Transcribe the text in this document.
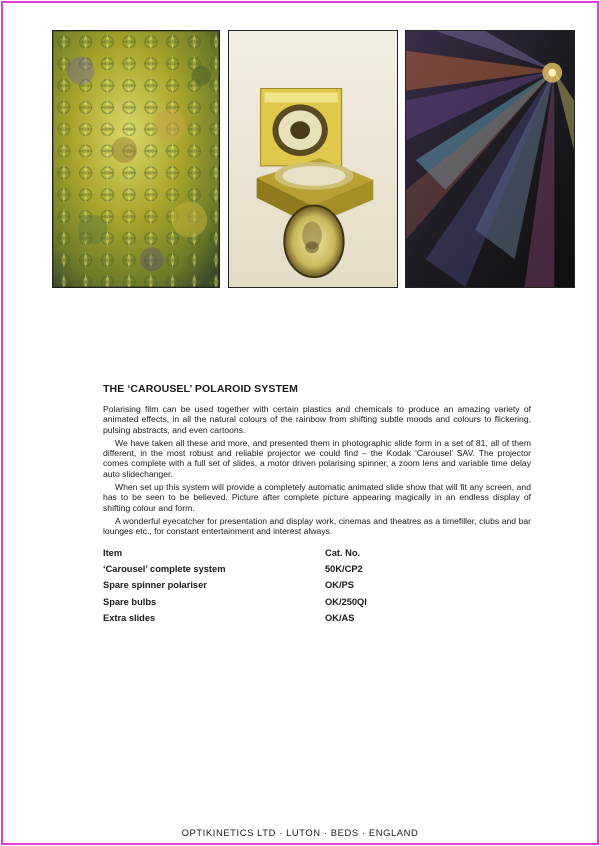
THE ‘CAROUSEL’ POLAROID SYSTEM

Polarising film can be used together with certain plastics and chemicals to produce an amazing variety of animated effects, in all the natural colours of the rainbow from shifting subtle moods and colours to flickering, pulsing abstracts, and even cartoons.

We have taken all these and more, and presented them in photographic slide form in a set of 81, all of them different, in the most robust and reliable projector we could find – the Kodak ‘Carousel’ SAV. The projector comes complete with a full set of slides, a motor driven polarising spinner, a zoom lens and variable time delay auto slidechanger.

When set up this system will provide a completely automatic animated slide show that will fit any screen, and has to be seen to be believed. Picture after complete picture appearing magically in an endless display of shifting colour and form.

A wonderful eyecatcher for presentation and display work, cinemas and theatres as a timefiller, clubs and bar lounges etc., for constant entertainment and interest always.

Item	Cat. No.
‘Carousel’ complete system	50K/CP2
Spare spinner polariser	OK/PS
Spare bulbs	OK/250QI
Extra slides	OK/AS
OPTIKINETICS LTD · LUTON · BEDS · ENGLAND
